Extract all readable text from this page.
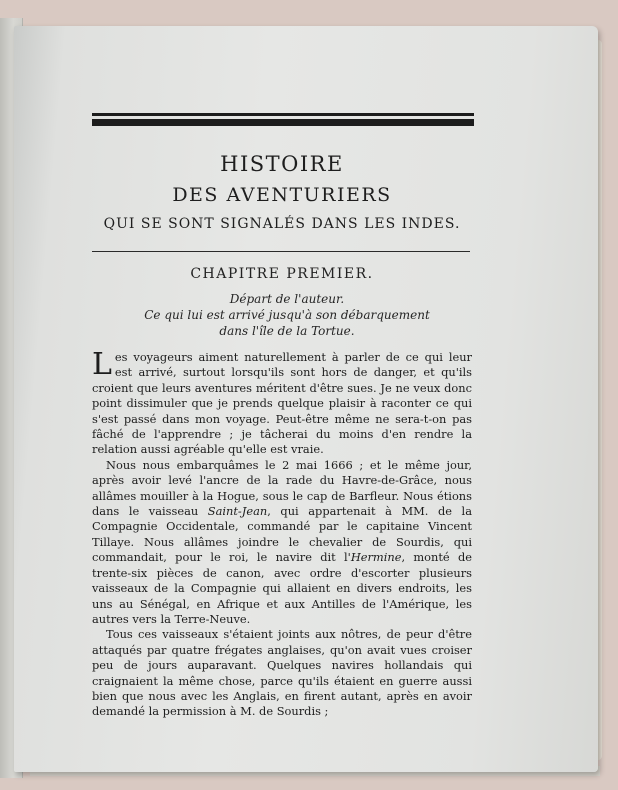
HISTOIRE
DES AVENTURIERS
QUI SE SONT SIGNALÉS DANS LES INDES.
CHAPITRE PREMIER.
Départ de l'auteur.
Ce qui lui est arrivé jusqu'à son débarquement
dans l'île de la Tortue.

Les voyageurs aiment naturellement à parler de ce qui leur est arrivé, surtout lorsqu'ils sont hors de danger, et qu'ils croient que leurs aventures méritent d'être sues. Je ne veux donc point dissimuler que je prends quelque plaisir à raconter ce qui s'est passé dans mon voyage. Peut-être même ne sera-t-on pas fâché de l'apprendre ; je tâcherai du moins d'en rendre la relation aussi agréable qu'elle est vraie.

Nous nous embarquâmes le 2 mai 1666 ; et le même jour, après avoir levé l'ancre de la rade du Havre-de-Grâce, nous allâmes mouiller à la Hogue, sous le cap de Barfleur. Nous étions dans le vaisseau Saint-Jean, qui appartenait à MM. de la Compagnie Occidentale, commandé par le capitaine Vincent Tillaye. Nous allâmes joindre le chevalier de Sourdis, qui commandait, pour le roi, le navire dit l'Hermine, monté de trente-six pièces de canon, avec ordre d'escorter plusieurs vaisseaux de la Compagnie qui allaient en divers endroits, les uns au Sénégal, en Afrique et aux Antilles de l'Amérique, les autres vers la Terre-Neuve.

Tous ces vaisseaux s'étaient joints aux nôtres, de peur d'être attaqués par quatre frégates anglaises, qu'on avait vues croiser peu de jours auparavant. Quelques navires hollandais qui craignaient la même chose, parce qu'ils étaient en guerre aussi bien que nous avec les Anglais, en firent autant, après en avoir demandé la permission à M. de Sourdis ;
